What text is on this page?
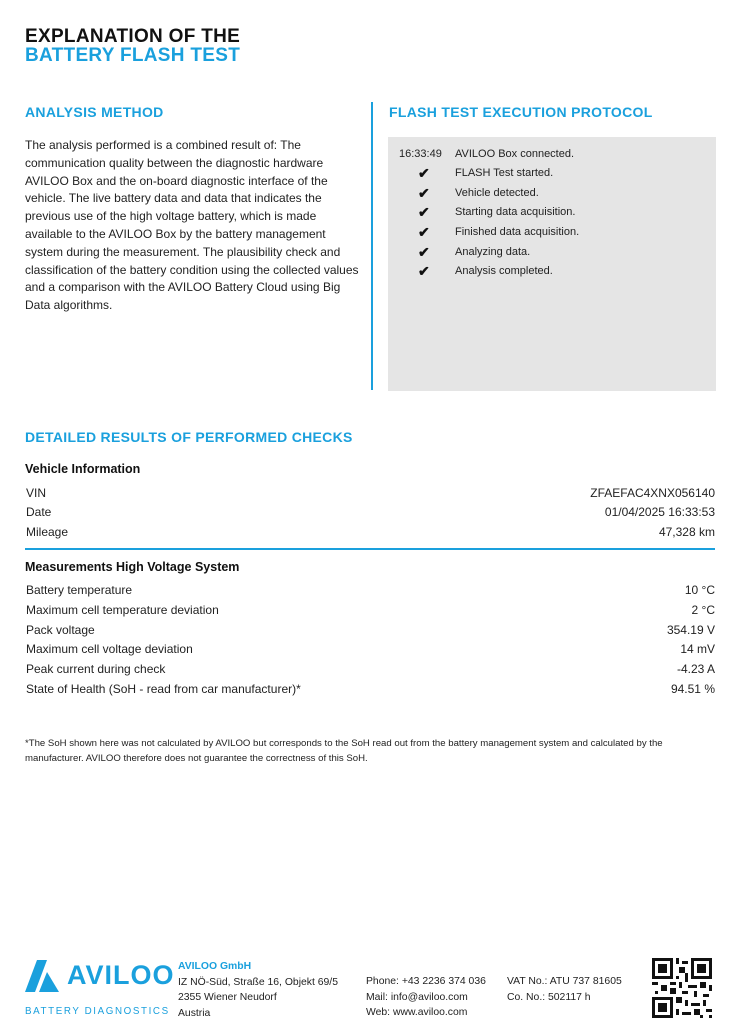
EXPLANATION OF THE
BATTERY FLASH TEST
ANALYSIS METHOD
The analysis performed is a combined result of: The communication quality between the diagnostic hardware AVILOO Box and the on-board diagnostic interface of the vehicle. The live battery data and data that indicates the previous use of the high voltage battery, which is made available to the AVILOO Box by the battery management system during the measurement. The plausibility check and classification of the battery condition using the collected values and a comparison with the AVILOO Battery Cloud using Big Data algorithms.
FLASH TEST EXECUTION PROTOCOL
16:33:49 AVILOO Box connected.
✔ FLASH Test started.
✔ Vehicle detected.
✔ Starting data acquisition.
✔ Finished data acquisition.
✔ Analyzing data.
✔ Analysis completed.
DETAILED RESULTS OF PERFORMED CHECKS
Vehicle Information
VIN	ZFAEFAC4XNX056140
Date	01/04/2025 16:33:53
Mileage	47,328 km
Measurements High Voltage System
Battery temperature	10 °C
Maximum cell temperature deviation	2 °C
Pack voltage	354.19 V
Maximum cell voltage deviation	14 mV
Peak current during check	-4.23 A
State of Health (SoH - read from car manufacturer)*	94.51 %
*The SoH shown here was not calculated by AVILOO but corresponds to the SoH read out from the battery management system and calculated by the manufacturer. AVILOO therefore does not guarantee the correctness of this SoH.
AVILOO
BATTERY DIAGNOSTICS
AVILOO GmbH
IZ NÖ-Süd, Straße 16, Objekt 69/5
2355 Wiener Neudorf
Austria
Phone: +43 2236 374 036
Mail: info@aviloo.com
Web: www.aviloo.com
VAT No.: ATU 737 81605
Co. No.: 502117 h
